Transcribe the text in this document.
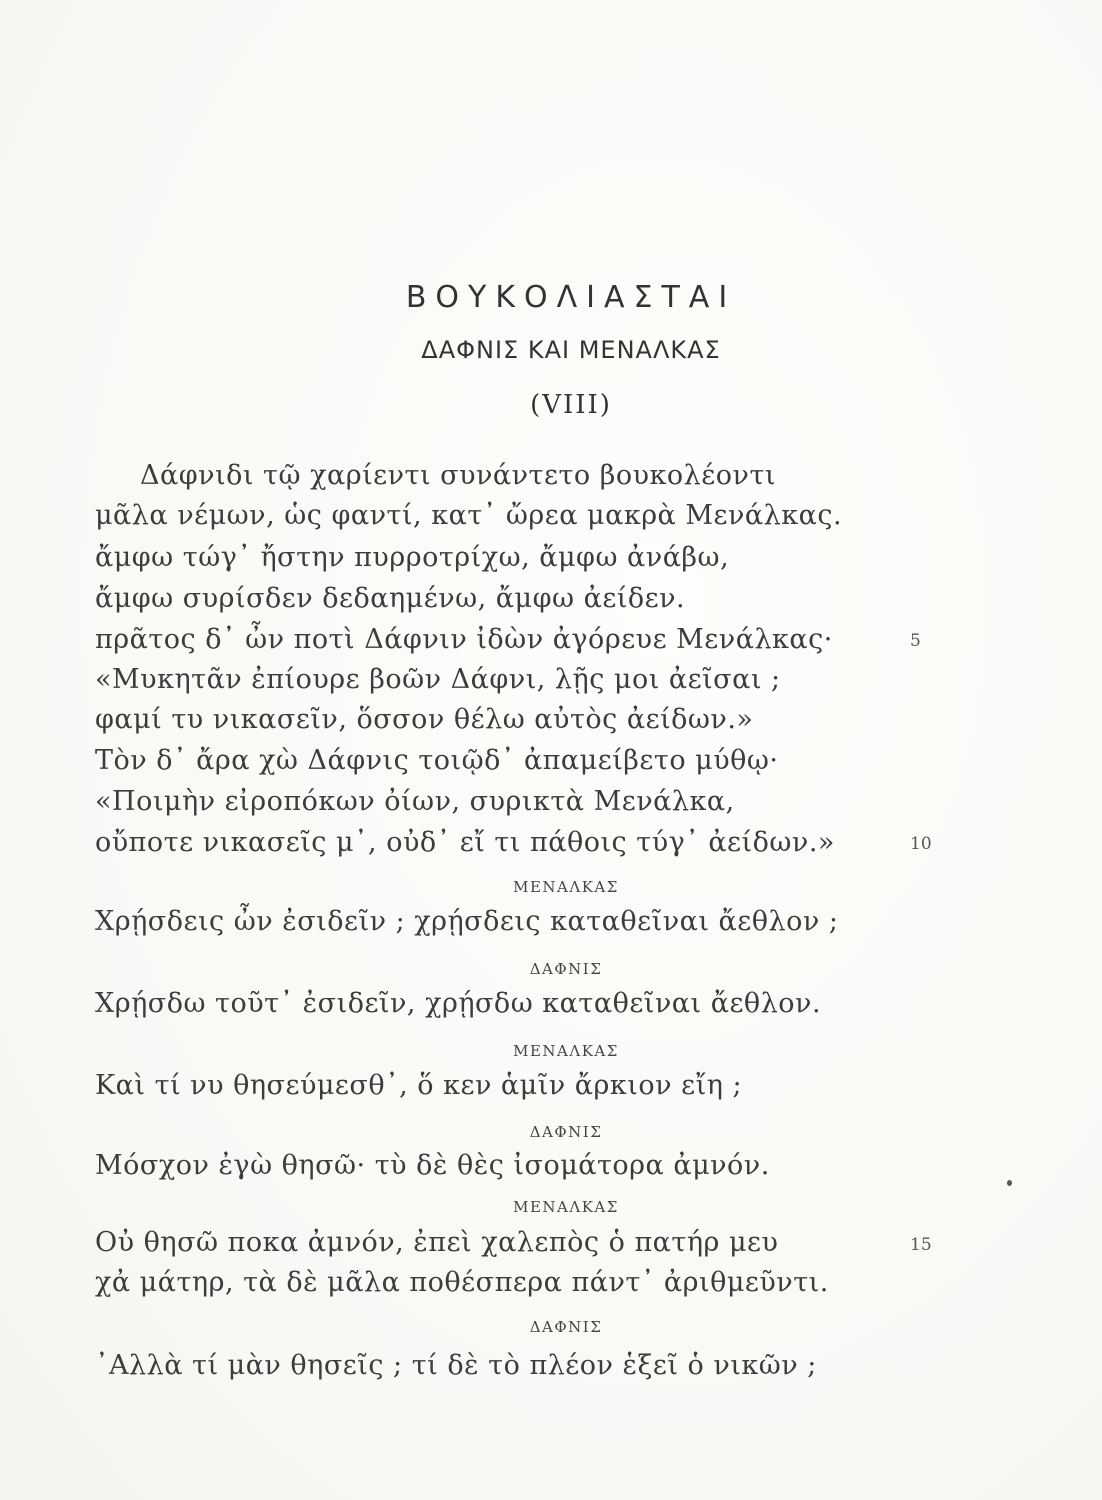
ΒΟΥΚΟΛΙΑΣΤΑΙ
ΔΑΦΝΙΣ ΚΑΙ ΜΕΝΑΛΚΑΣ
(VIII)
Δάφνιδι τῷ χαρίεντι συνάντετο βουκολέοντι
μᾶλα νέμων, ὡς φαντί, κατ᾽ ὤρεα μακρὰ Μενάλκας.
ἄμφω τώγ᾽ ἤστην πυρροτρίχω, ἄμφω ἀνάβω,
ἄμφω συρίσδεν δεδαημένω, ἄμφω ἀείδεν.
πρᾶτος δ᾽ ὦν ποτὶ Δάφνιν ἰδὼν ἀγόρευε Μενάλκας·	5
«Μυκητᾶν ἐπίουρε βοῶν Δάφνι, λῇς μοι ἀεῖσαι ;
φαμί τυ νικασεῖν, ὅσσον θέλω αὐτὸς ἀείδων.»
Τὸν δ᾽ ἄρα χὼ Δάφνις τοιῷδ᾽ ἀπαμείβετο μύθῳ·
«Ποιμὴν εἰροπόκων ὀίων, συρικτὰ Μενάλκα,
οὔποτε νικασεῖς μ᾽, οὐδ᾽ εἴ τι πάθοις τύγ᾽ ἀείδων.»	10
ΜΕΝΑΛΚΑΣ
Χρῄσδεις ὦν ἐσιδεῖν ; χρῄσδεις καταθεῖναι ἄεθλον ;
ΔΑΦΝΙΣ
Χρῄσδω τοῦτ᾽ ἐσιδεῖν, χρῄσδω καταθεῖναι ἄεθλον.
ΜΕΝΑΛΚΑΣ
Καὶ τί νυ θησεύμεσθ᾽, ὅ κεν ἁμῖν ἄρκιον εἴη ;
ΔΑΦΝΙΣ
Μόσχον ἐγὼ θησῶ· τὺ δὲ θὲς ἰσομάτορα ἀμνόν.
ΜΕΝΑΛΚΑΣ
Οὐ θησῶ ποκα ἀμνόν, ἐπεὶ χαλεπὸς ὁ πατήρ μευ	15
χἀ μάτηρ, τὰ δὲ μᾶλα ποθέσπερα πάντ᾽ ἀριθμεῦντι.
ΔΑΦΝΙΣ
᾽Αλλὰ τί μὰν θησεῖς ; τί δὲ τὸ πλέον ἑξεῖ ὁ νικῶν ;
